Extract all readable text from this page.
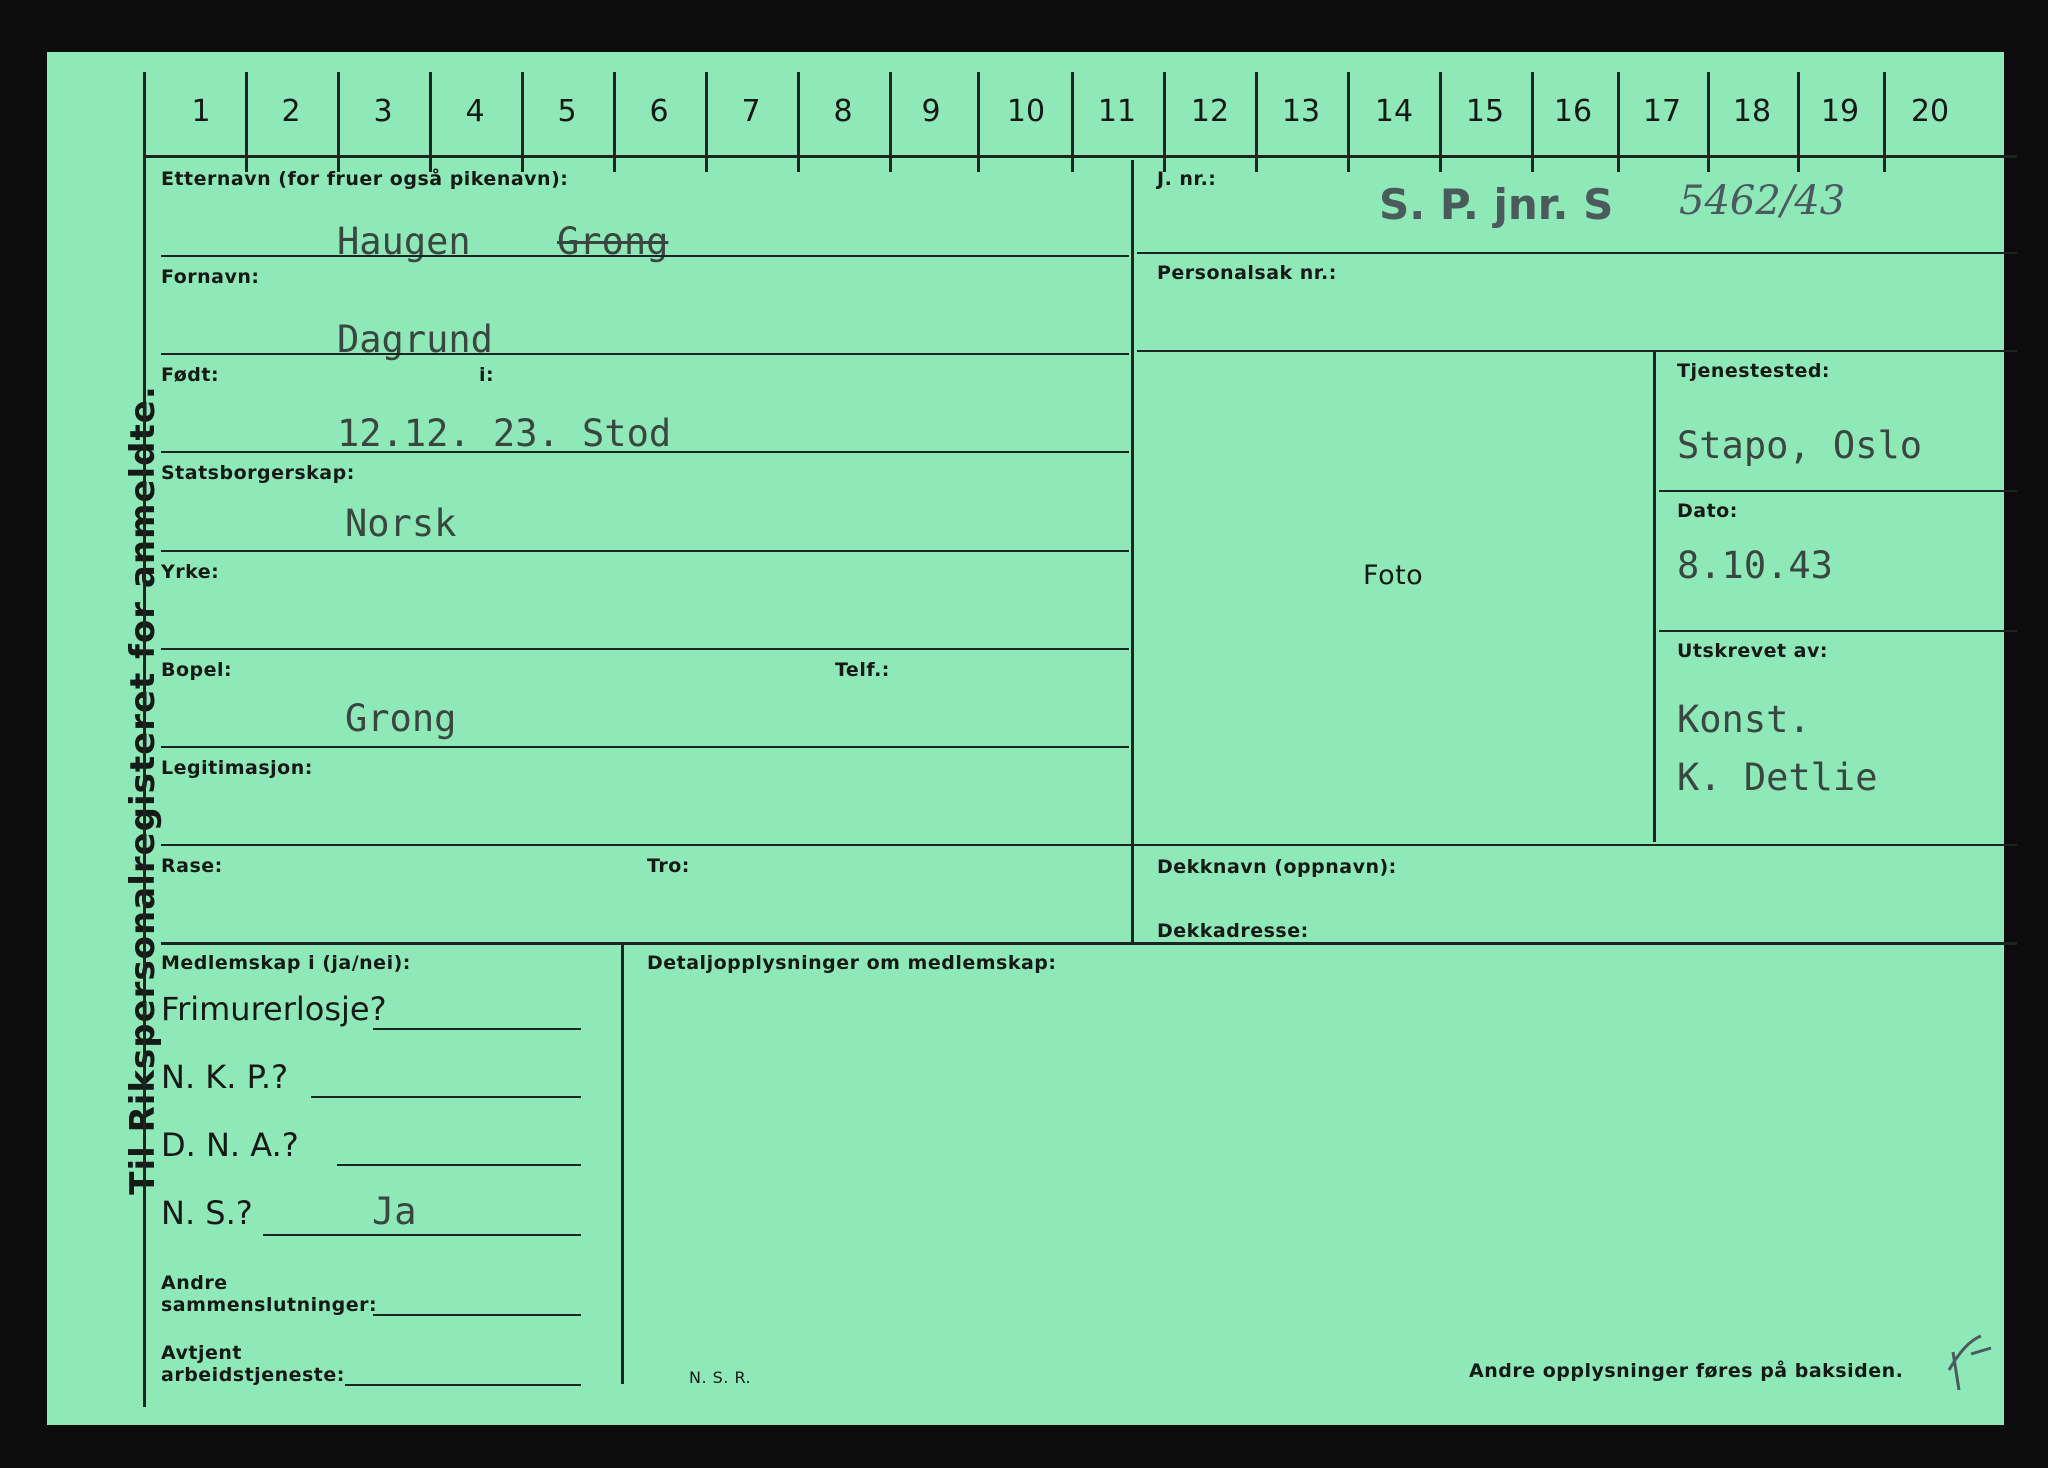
Til Rikspersonalregisteret for anmeldte.
1	2	3	4	5	6	7	8	9	10	11	12	13	14	15	16	17	18	19	20
Etternavn (for fruer også pikenavn):
Haugen Grong
Fornavn:
Dagrund
Født:	i:
12.12. 23. Stod
Statsborgerskap:
Norsk
Yrke:
Bopel:	Telf.:
Grong
Legitimasjon:
Rase:	Tro:
J. nr.:
S. P. jnr. S 5462/43
Personalsak nr.:
Foto
Tjenestested:
Stapo, Oslo
Dato:
8.10.43
Utskrevet av:
Konst.
K. Detlie
Dekknavn (oppnavn):
Dekkadresse:
Medlemskap i (ja/nei):	Detaljopplysninger om medlemskap:
Frimurerlosje?
N. K. P.?
D. N. A.?
N. S.?	Ja
Andre
sammenslutninger:
Avtjent
arbeidstjeneste:	N. S. R.	Andre opplysninger føres på baksiden.
